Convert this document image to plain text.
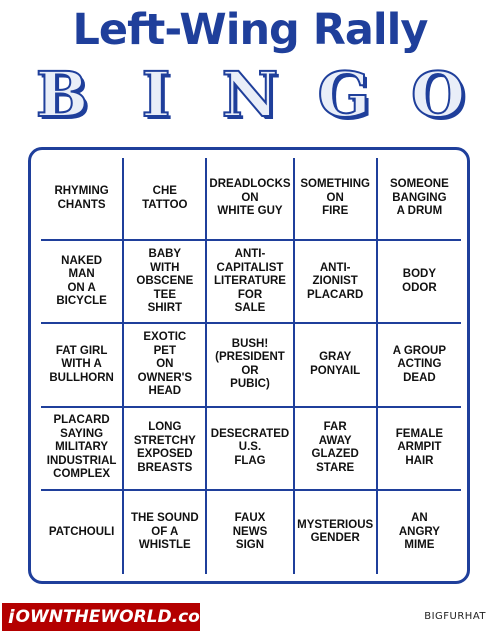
Left-Wing Rally
B I N G O
RHYMING
CHANTS
CHE
TATTOO
DREADLOCKS
ON
WHITE GUY
SOMETHING
ON
FIRE
SOMEONE
BANGING
A DRUM
NAKED
MAN
ON A
BICYCLE
BABY
WITH
OBSCENE
TEE
SHIRT
ANTI-
CAPITALIST
LITERATURE
FOR
SALE
ANTI-
ZIONIST
PLACARD
BODY
ODOR
FAT GIRL
WITH A
BULLHORN
EXOTIC
PET
ON
OWNER'S
HEAD
BUSH!
(PRESIDENT
OR
PUBIC)
GRAY
PONYAIL
A GROUP
ACTING
DEAD
PLACARD
SAYING
MILITARY
INDUSTRIAL
COMPLEX
LONG
STRETCHY
EXPOSED
BREASTS
DESECRATED
U.S.
FLAG
FAR
AWAY
GLAZED
STARE
FEMALE
ARMPIT
HAIR
PATCHOULI
THE SOUND
OF A
WHISTLE
FAUX
NEWS
SIGN
MYSTERIOUS
GENDER
AN
ANGRY
MIME
i OWNTHEWORLD.com	BIGFURHAT
